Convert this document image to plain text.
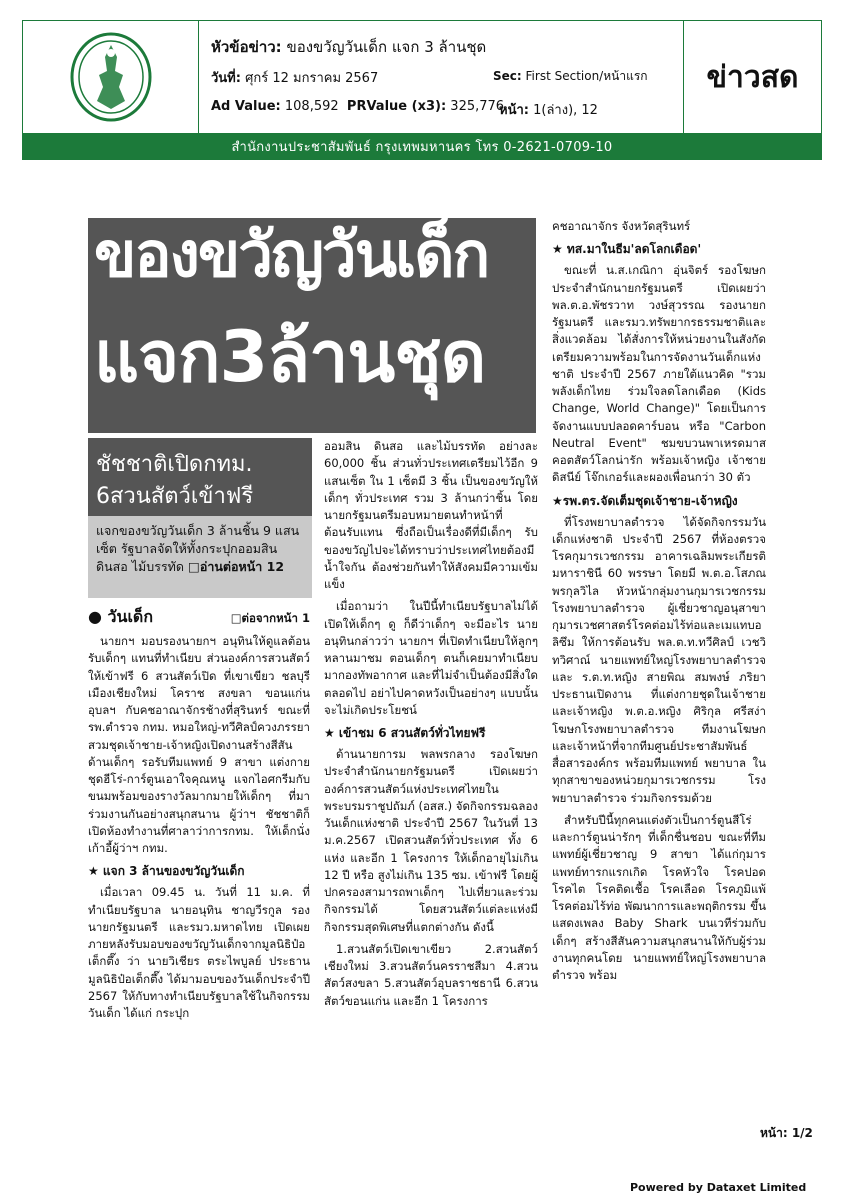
หัวข้อข่าว: ของขวัญวันเด็ก แจก 3 ล้านชุด
วันที่: ศุกร์ 12 มกราคม 2567	Sec: First Section/หน้าแรก
Ad Value: 108,592 PRValue (x3): 325,776
หน้า: 1(ล่าง), 12
ข่าวสด
สำนักงานประชาสัมพันธ์ กรุงเทพมหานคร โทร 0-2621-0709-10
ของขวัญวันเด็ก
แจก3ล้านชุด
ชัชชาติเปิดกทม.
6สวนสัตว์เข้าฟรี
แจกของขวัญวันเด็ก 3 ล้านชิ้น 9 แสนเซ็ต รัฐบาลจัดให้ทั้งกระปุกออมสิน ดินสอ ไม้บรรทัด □อ่านต่อหน้า 12
● วันเด็ก	□ต่อจากหน้า 1

นายกฯ มอบรองนายกฯ อนุทินให้ดูแลต้อนรับเด็กๆ แทนที่ทำเนียบ ส่วนองค์การสวนสัตว์ให้เข้าฟรี 6 สวนสัตว์เปิด ที่เขาเขียว ชลบุรี เมืองเชียงใหม่ โคราช สงขลา ขอนแก่น อุบลฯ กับคชอาณาจักรช้างที่สุรินทร์ ขณะที่รพ.ตำรวจ กทม. หมอใหญ่-ทวีศิลป์ควงภรรยา สวมชุดเจ้าชาย-เจ้าหญิงเปิดงานสร้างสีสัน ด้านเด็กๆ รอรับทีมแพทย์ 9 สาขา แต่งกายชุดฮีโร่-การ์ตูนเอาใจคุณหนู แจกไอศกรีมกับขนมพร้อมของรางวัลมากมายให้เด็กๆ ที่มาร่วมงานกันอย่างสนุกสนาน ผู้ว่าฯ ชัชชาติก็เปิดห้องทำงานที่ศาลาว่าการกทม. ให้เด็กนั่งเก้าอี้ผู้ว่าฯ กทม.

★ แจก 3 ล้านของขวัญวันเด็ก

เมื่อเวลา 09.45 น. วันที่ 11 ม.ค. ที่ทำเนียบรัฐบาล นายอนุทิน ชาญวีรกูล รองนายกรัฐมนตรี และรมว.มหาดไทย เปิดเผยภายหลังรับมอบของขวัญวันเด็กจากมูลนิธิป๋อเต็กตึ๊ง ว่า นายวิเชียร ตระไพบูลย์ ประธานมูลนิธิป๋อเต็กตึ๊ง ได้มามอบของวันเด็กประจำปี 2567 ให้กับทางทำเนียบรัฐบาลใช้ในกิจกรรมวันเด็ก ได้แก่ กระปุก

ออมสิน ดินสอ และไม้บรรทัด อย่างละ 60,000 ชิ้น ส่วนทั่วประเทศเตรียมไว้อีก 9 แสนเซ็ต ใน 1 เซ็ตมี 3 ชิ้น เป็นของขวัญให้เด็กๆ ทั่วประเทศ รวม 3 ล้านกว่าชิ้น โดยนายกรัฐมนตรีมอบหมายตนทำหน้าที่ต้อนรับแทน ซึ่งถือเป็นเรื่องดีที่มีเด็กๆ รับของขวัญไปจะได้ทราบว่าประเทศไทยต้องมีน้ำใจกัน ต้องช่วยกันทำให้สังคมมีความเข้มแข็ง

เมื่อถามว่า ในปีนี้ทำเนียบรัฐบาลไม่ได้เปิดให้เด็กๆ ดู ก็ดีว่าเด็กๆ จะมีอะไร นายอนุทินกล่าวว่า นายกฯ ที่เปิดทำเนียบให้ลูกๆ หลานมาชม ตอนเด็กๆ ตนก็เคยมาทำเนียบ มากองทัพอากาศ และที่ไม่จำเป็นต้องมีสิ่งใดตลอดไป อย่าไปคาดหวังเป็นอย่างๆ แบบนั้นจะไม่เกิดประโยชน์

★ เข้าชม 6 สวนสัตว์ทั่วไทยฟรี

ด้านนายการม พลพรกลาง รองโฆษกประจำสำนักนายกรัฐมนตรี เปิดเผยว่า องค์การสวนสัตว์แห่งประเทศไทยในพระบรมราชูปถัมภ์ (อสส.) จัดกิจกรรมฉลองวันเด็กแห่งชาติ ประจำปี 2567 ในวันที่ 13 ม.ค.2567 เปิดสวนสัตว์ทั่วประเทศ ทั้ง 6 แห่ง และอีก 1 โครงการ ให้เด็กอายุไม่เกิน 12 ปี หรือ สูงไม่เกิน 135 ซม. เข้าฟรี โดยผู้ปกครองสามารถพาเด็กๆ ไปเที่ยวและร่วมกิจกรรมได้ โดยสวนสัตว์แต่ละแห่งมีกิจกรรมสุดพิเศษที่แตกต่างกัน ดังนี้

1.สวนสัตว์เปิดเขาเขียว 2.สวนสัตว์เชียงใหม่ 3.สวนสัตว์นครราชสีมา 4.สวนสัตว์สงขลา 5.สวนสัตว์อุบลราชธานี 6.สวนสัตว์ขอนแก่น และอีก 1 โครงการ

คชอาณาจักร จังหวัดสุรินทร์

★ ทส.มาในธีม'ลดโลกเดือด'

ขณะที่ น.ส.เกณิกา อุ่นจิตร์ รองโฆษกประจำสำนักนายกรัฐมนตรี เปิดเผยว่า พล.ต.อ.พัชรวาท วงษ์สุวรรณ รองนายกรัฐมนตรี และรมว.ทรัพยากรธรรมชาติและสิ่งแวดล้อม ได้สั่งการให้หน่วยงานในสังกัดเตรียมความพร้อมในการจัดงานวันเด็กแห่งชาติ ประจำปี 2567 ภายใต้แนวคิด "รวมพลังเด็กไทย ร่วมใจลดโลกเดือด (Kids Change, World Change)" โดยเป็นการจัดงานแบบปลอดคาร์บอน หรือ "Carbon Neutral Event" ชมขบวนพาเหรดมาสคอตสัตว์โลกน่ารัก พร้อมเจ้าหญิง เจ้าชายดิสนีย์ โจ๊กเกอร์และผองเพื่อนกว่า 30 ตัว

★รพ.ตร.จัดเต็มชุดเจ้าชาย-เจ้าหญิง

ที่โรงพยาบาลตำรวจ ได้จัดกิจกรรมวันเด็กแห่งชาติ ประจำปี 2567 ที่ห้องตรวจโรคกุมารเวชกรรม อาคารเฉลิมพระเกียรติมหาราชินี 60 พรรษา โดยมี พ.ต.อ.โสภณ พรกุลวิไล หัวหน้ากลุ่มงานกุมารเวชกรรม โรงพยาบาลตำรวจ ผู้เชี่ยวชาญอนุสาขากุมารเวชศาสตร์โรคต่อมไร้ท่อและเมแทบอลิซึม ให้การต้อนรับ พล.ต.ท.ทวีศิลป์ เวชวิทวิศาณ์ นายแพทย์ใหญ่โรงพยาบาลตำรวจ และ ร.ต.ท.หญิง สายพิณ สมพงษ์ ภริยา ประธานเปิดงาน ที่แต่งกายชุดในเจ้าชายและเจ้าหญิง พ.ต.อ.หญิง ศิริกุล ศรีสง่า โฆษกโรงพยาบาลตำรวจ ทีมงานโฆษก และเจ้าหน้าที่จากทีมศูนย์ประชาสัมพันธ์สื่อสารองค์กร พร้อมทีมแพทย์ พยาบาล ในทุกสาขาของหน่วยกุมารเวชกรรม โรงพยาบาลตำรวจ ร่วมกิจกรรมด้วย

สำหรับปีนี้ทุกคนแต่งตัวเป็นการ์ตูนสีโร่และการ์ตูนน่ารักๆ ที่เด็กชื่นชอบ ขณะที่ทีมแพทย์ผู้เชี่ยวชาญ 9 สาขา ได้แก่กุมารแพทย์ทารกแรกเกิด โรคหัวใจ โรคปอด โรคไต โรคติดเชื้อ โรคเลือด โรคภูมิแพ้ โรคต่อมไร้ท่อ พัฒนาการและพฤติกรรม ขึ้นแสดงเพลง Baby Shark บนเวทีร่วมกับเด็กๆ สร้างสีสันความสนุกสนานให้กับผู้ร่วมงานทุกคนโดย นายแพทย์ใหญ่โรงพยาบาลตำรวจ พร้อม

หน้า: 1/2
Powered by Dataxet Limited
